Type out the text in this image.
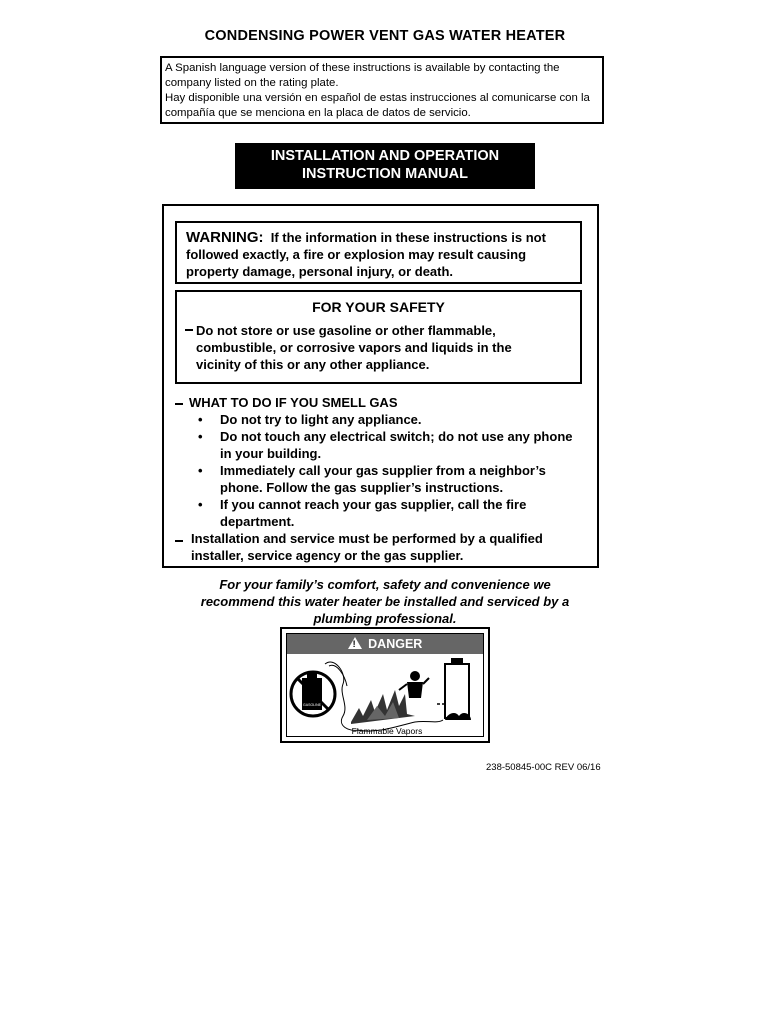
CONDENSING POWER VENT GAS WATER HEATER
A Spanish language version of these instructions is available by contacting the company listed on the rating plate.
Hay disponible una versión en español de estas instrucciones al comunicarse con la compañía que se menciona en la placa de datos de servicio.
INSTALLATION AND OPERATION
INSTRUCTION MANUAL
WARNING: If the information in these instructions is not followed exactly, a fire or explosion may result causing property damage, personal injury, or death.
FOR YOUR SAFETY
Do not store or use gasoline or other flammable, combustible, or corrosive vapors and liquids in the vicinity of this or any other appliance.
WHAT TO DO IF YOU SMELL GAS
• Do not try to light any appliance.
• Do not touch any electrical switch; do not use any phone in your building.
• Immediately call your gas supplier from a neighbor’s phone. Follow the gas supplier’s instructions.
• If you cannot reach your gas supplier, call the fire department.
Installation and service must be performed by a qualified installer, service agency or the gas supplier.
For your family’s comfort, safety and convenience we
recommend this water heater be installed and serviced by a
plumbing professional.
! DANGER
GASOLINE
Flammable Vapors
238-50845-00C REV 06/16
